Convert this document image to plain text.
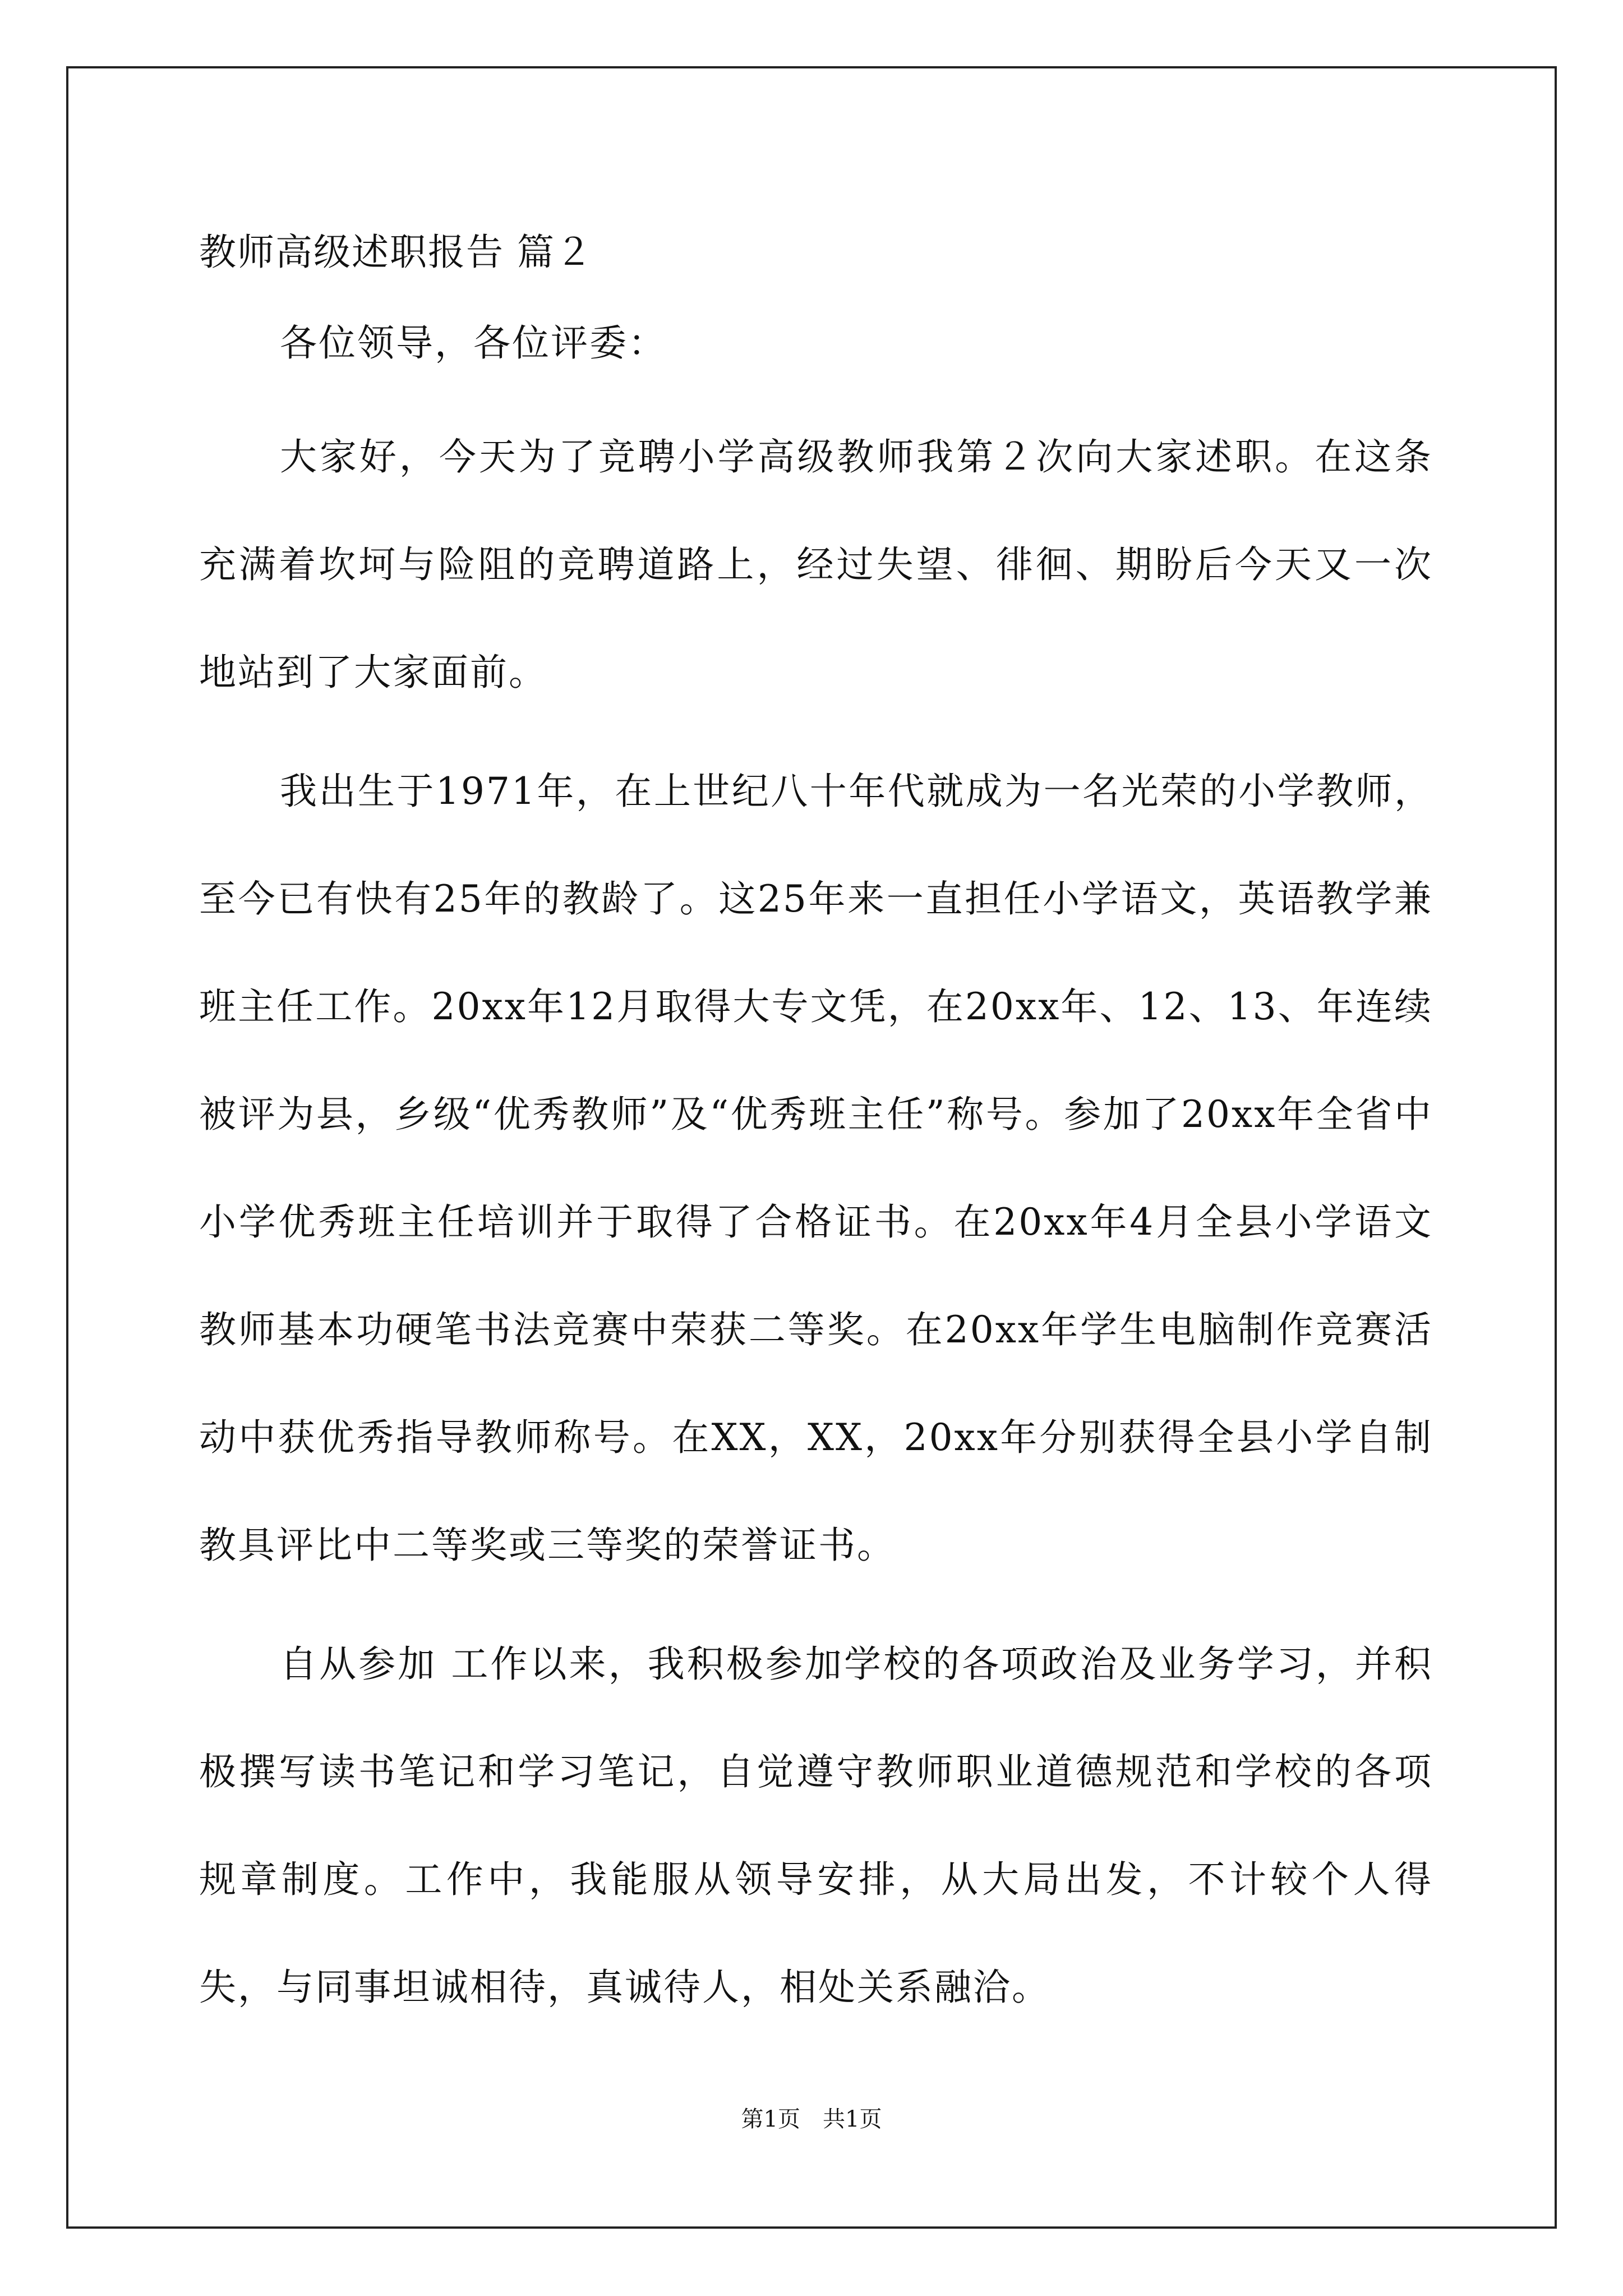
教师高级述职报告 篇２

各位领导，各位评委：

大家好，今天为了竞聘小学高级教师我第２次向大家述职。在这条充满着坎坷与险阻的竞聘道路上，经过失望、徘徊、期盼后今天又一次地站到了大家面前。

我出生于1971年，在上世纪八十年代就成为一名光荣的小学教师，至今已有快有25年的教龄了。这25年来一直担任小学语文，英语教学兼班主任工作。20xx年12月取得大专文凭，在20xx年、12、13、年连续被评为县，乡级“优秀教师”及“优秀班主任”称号。参加了20xx年全省中小学优秀班主任培训并于取得了合格证书。在20xx年4月全县小学语文教师基本功硬笔书法竞赛中荣获二等奖。在20xx年学生电脑制作竞赛活动中获优秀指导教师称号。在XX，XX，20xx年分别获得全县小学自制教具评比中二等奖或三等奖的荣誉证书。

自从参加 工作以来，我积极参加学校的各项政治及业务学习，并积极撰写读书笔记和学习笔记，自觉遵守教师职业道德规范和学校的各项规章制度。工作中，我能服从领导安排，从大局出发，不计较个人得失，与同事坦诚相待，真诚待人，相处关系融洽。

第1页　共1页
